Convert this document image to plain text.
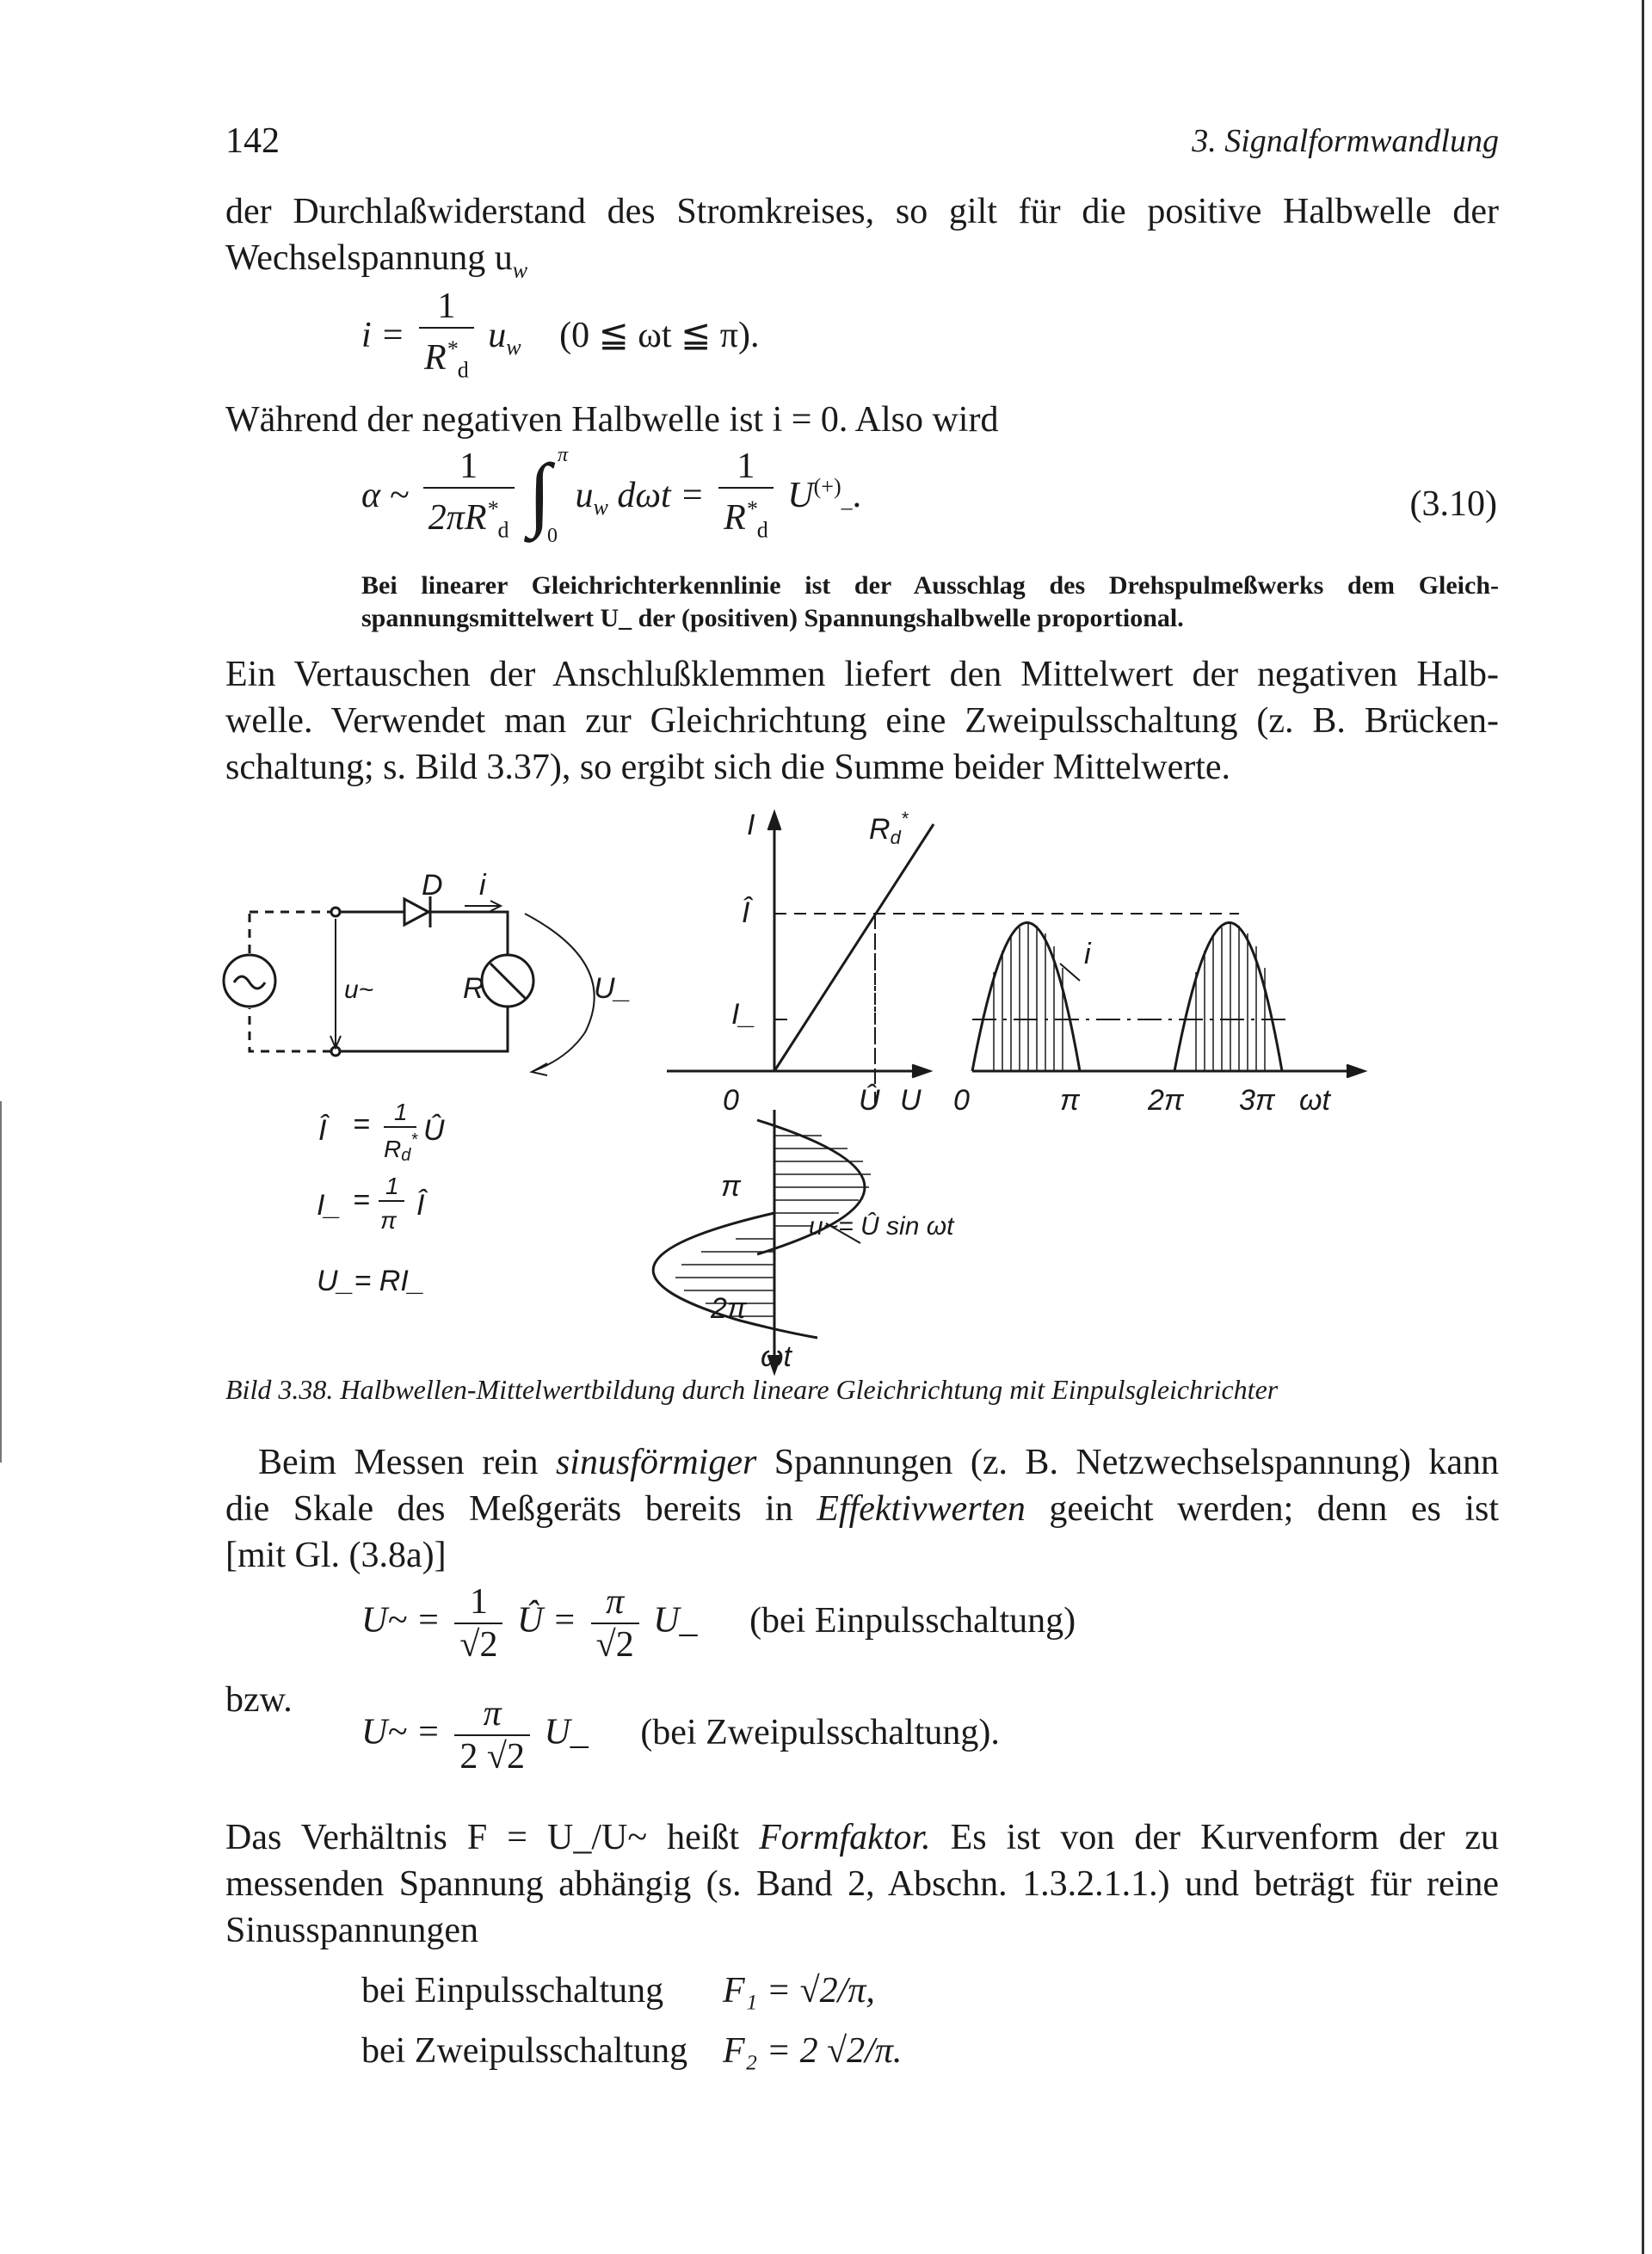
142	3. Signalformwandlung
der Durchlaßwiderstand des Stromkreises, so gilt für die positive Halbwelle der
Wechselspannung $u_w$
$i = \frac{1}{R^*_d} u_w$ (0 ≦ ωt ≦ π).
Während der negativen Halbwelle ist i = 0. Also wird
α ~ $\frac{1}{2\pi R^*_d}$
∫ π
0
$u_w$ $d\omega t = \frac{1}{R^*_d} U^{(+)}_-$.	(3.10)
Bei linearer Gleichrichterkennlinie ist der Ausschlag des Drehspulmeßwerks dem Gleich-
spannungsmittelwert U_ der (positiven) Spannungshalbwelle proportional.
Ein Vertauschen der Anschlußklemmen liefert den Mittelwert der negativen Halb-
welle. Verwendet man zur Gleichrichtung eine Zweipulsschaltung (z. B. Brücken-
schaltung; s. Bild 3.37), so ergibt sich die Summe beider Mittelwerte.
D i
u~	R	U_
I	Rd*
Î
I_
Û U 0	π 2π 3π ωt
i
0
π
2π
ωt
u~= Û sin ωt
Î = 1
Rd* Û
I_ = 1
π Î
U_= RI_
Bild 3.38. Halbwellen-Mittelwertbildung durch lineare Gleichrichtung mit Einpulsgleichrichter
Beim Messen rein sinusförmiger Spannungen (z. B. Netzwechselspannung) kann
die Skale des Meßgeräts bereits in Effektivwerten geeicht werden; denn es ist
[mit Gl. (3.8a)]
U~ = $\frac{1}{√2}$ Û = $\frac{\pi}{√2}$ U_ (bei Einpulsschaltung)
bzw.
U~ = $\frac{\pi}{2 √2}$ U_ (bei Zweipulsschaltung).
Das Verhältnis F = U_/U~ heißt Formfaktor. Es ist von der Kurvenform der zu
messenden Spannung abhängig (s. Band 2, Abschn. 1.3.2.1.1.) und beträgt für reine
Sinusspannungen
bei Einpulsschaltung F₁ = √2/π,
bei Zweipulsschaltung F₂ = 2 √2/π.
